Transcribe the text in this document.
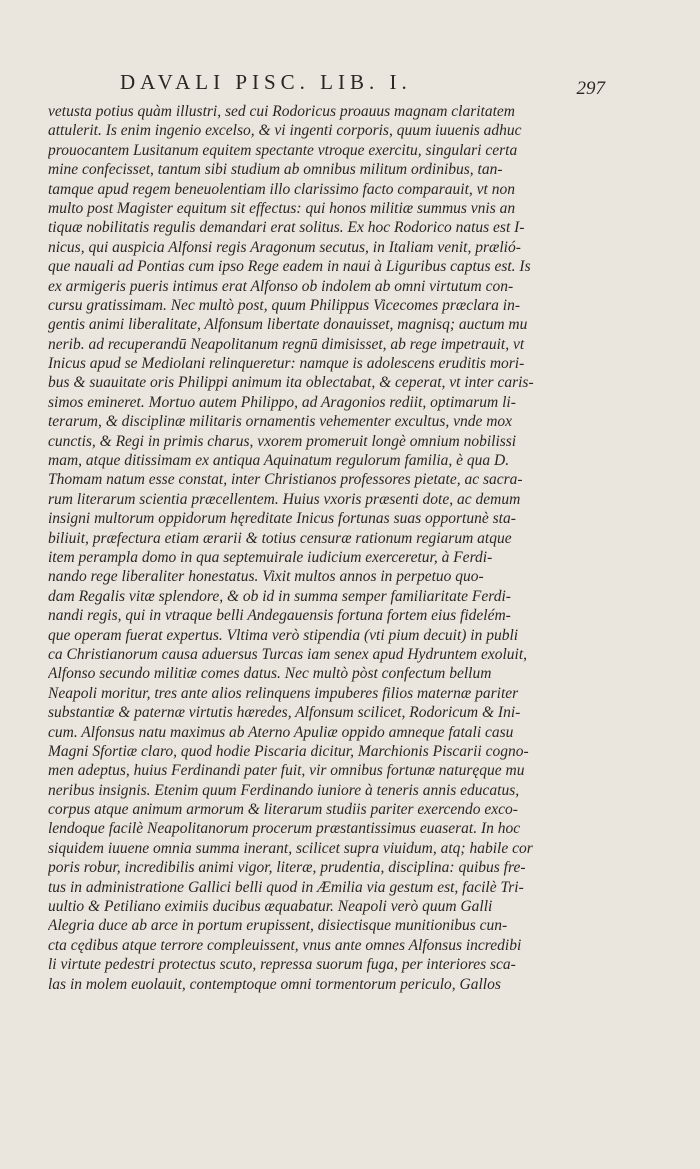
DAVALI PISC. LIB. I.	297
vetusta potius quàm illustri, sed cui Rodoricus proauus magnam claritatem
attulerit. Is enim ingenio excelso, & vi ingenti corporis, quum iuuenis adhuc
prouocantem Lusitanum equitem spectante vtroque exercitu, singulari certa
mine confecisset, tantum sibi studium ab omnibus militum ordinibus, tan-
tamque apud regem beneuolentiam illo clarissimo facto comparauit, vt non
multo post Magister equitum sit effectus: qui honos militiæ summus vnis an
tiquæ nobilitatis regulis demandari erat solitus. Ex hoc Rodorico natus est I-
nicus, qui auspicia Alfonsi regis Aragonum secutus, in Italiam venit, prælió-
que nauali ad Pontias cum ipso Rege eadem in naui à Liguribus captus est. Is
ex armigeris pueris intimus erat Alfonso ob indolem ab omni virtutum con-
cursu gratissimam. Nec multò post, quum Philippus Vicecomes præclara in-
gentis animi liberalitate, Alfonsum libertate donauisset, magnisq; auctum mu
nerib. ad recuperandū Neapolitanum regnū dimisisset, ab rege impetrauit, vt
Inicus apud se Mediolani relinqueretur: namque is adolescens eruditis mori-
bus & suauitate oris Philippi animum ita oblectabat, & ceperat, vt inter caris-
simos emineret. Mortuo autem Philippo, ad Aragonios rediit, optimarum li-
terarum, & disciplinæ militaris ornamentis vehementer excultus, vnde mox
cunctis, & Regi in primis charus, vxorem promeruit longè omnium nobilissi
mam, atque ditissimam ex antiqua Aquinatum regulorum familia, è qua D.
Thomam natum esse constat, inter Christianos professores pietate, ac sacra-
rum literarum scientia præcellentem. Huius vxoris præsenti dote, ac demum
insigni multorum oppidorum hęreditate Inicus fortunas suas opportunè sta-
biliuit, præfectura etiam ærarii & totius censuræ rationum regiarum atque
item perampla domo in qua septemuirale iudicium exerceretur, à Ferdi-
nando rege liberaliter honestatus. Vixit multos annos in perpetuo quo-
dam Regalis vitæ splendore, & ob id in summa semper familiaritate Ferdi-
nandi regis, qui in vtraque belli Andegauensis fortuna fortem eius fidelém-
que operam fuerat expertus. Vltima verò stipendia (vti pium decuit) in publi
ca Christianorum causa aduersus Turcas iam senex apud Hydruntem exoluit,
Alfonso secundo militiæ comes datus. Nec multò pòst confectum bellum
Neapoli moritur, tres ante alios relinquens impuberes filios maternæ pariter
substantiæ & paternæ virtutis hæredes, Alfonsum scilicet, Rodoricum & Ini-
cum. Alfonsus natu maximus ab Aterno Apuliæ oppido amneque fatali casu
Magni Sfortiæ claro, quod hodie Piscaria dicitur, Marchionis Piscarii cogno-
men adeptus, huius Ferdinandi pater fuit, vir omnibus fortunæ naturęque mu
neribus insignis. Etenim quum Ferdinando iuniore à teneris annis educatus,
corpus atque animum armorum & literarum studiis pariter exercendo exco-
lendoque facilè Neapolitanorum procerum præstantissimus euaserat. In hoc
siquidem iuuene omnia summa inerant, scilicet supra viuidum, atq; habile cor
poris robur, incredibilis animi vigor, literæ, prudentia, disciplina: quibus fre-
tus in administratione Gallici belli quod in Æmilia via gestum est, facilè Tri-
uultio & Petiliano eximiis ducibus æquabatur. Neapoli verò quum Galli
Alegria duce ab arce in portum erupissent, disiectisque munitionibus cun-
cta cędibus atque terrore compleuissent, vnus ante omnes Alfonsus incredibi
li virtute pedestri protectus scuto, repressa suorum fuga, per interiores sca-
las in molem euolauit, contemptoque omni tormentorum periculo, Gallos
